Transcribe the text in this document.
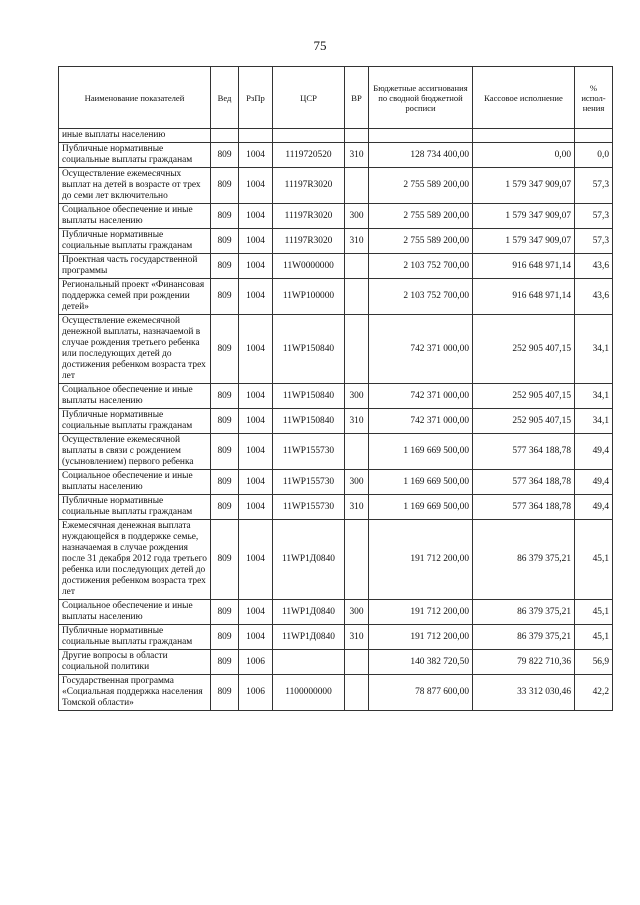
75
Наименование показателей	Вед	РзПр	ЦСР	ВР	Бюджетные ассигнования по сводной бюджетной росписи	Кассовое исполнение	% испол-нения
иные выплаты населению							
Публичные нормативные социальные выплаты гражданам	809	1004	1119720520	310	128 734 400,00	0,00	0,0
Осуществление ежемесячных выплат на детей в возрасте от трех до семи лет включительно	809	1004	11197R3020		2 755 589 200,00	1 579 347 909,07	57,3
Социальное обеспечение и иные выплаты населению	809	1004	11197R3020	300	2 755 589 200,00	1 579 347 909,07	57,3
Публичные нормативные социальные выплаты гражданам	809	1004	11197R3020	310	2 755 589 200,00	1 579 347 909,07	57,3
Проектная часть государственной программы	809	1004	11W0000000		2 103 752 700,00	916 648 971,14	43,6
Региональный проект «Финансовая поддержка семей при рождении детей»	809	1004	11WP100000		2 103 752 700,00	916 648 971,14	43,6
Осуществление ежемесячной денежной выплаты, назначаемой в случае рождения третьего ребенка или последующих детей до достижения ребенком возраста трех лет	809	1004	11WP150840		742 371 000,00	252 905 407,15	34,1
Социальное обеспечение и иные выплаты населению	809	1004	11WP150840	300	742 371 000,00	252 905 407,15	34,1
Публичные нормативные социальные выплаты гражданам	809	1004	11WP150840	310	742 371 000,00	252 905 407,15	34,1
Осуществление ежемесячной выплаты в связи с рождением (усыновлением) первого ребенка	809	1004	11WP155730		1 169 669 500,00	577 364 188,78	49,4
Социальное обеспечение и иные выплаты населению	809	1004	11WP155730	300	1 169 669 500,00	577 364 188,78	49,4
Публичные нормативные социальные выплаты гражданам	809	1004	11WP155730	310	1 169 669 500,00	577 364 188,78	49,4
Ежемесячная денежная выплата нуждающейся в поддержке семье, назначаемая в случае рождения после 31 декабря 2012 года третьего ребенка или последующих детей до достижения ребенком возраста трех лет	809	1004	11WP1Д0840		191 712 200,00	86 379 375,21	45,1
Социальное обеспечение и иные выплаты населению	809	1004	11WP1Д0840	300	191 712 200,00	86 379 375,21	45,1
Публичные нормативные социальные выплаты гражданам	809	1004	11WP1Д0840	310	191 712 200,00	86 379 375,21	45,1
Другие вопросы в области социальной политики	809	1006			140 382 720,50	79 822 710,36	56,9
Государственная программа «Социальная поддержка населения Томской области»	809	1006	1100000000		78 877 600,00	33 312 030,46	42,2
